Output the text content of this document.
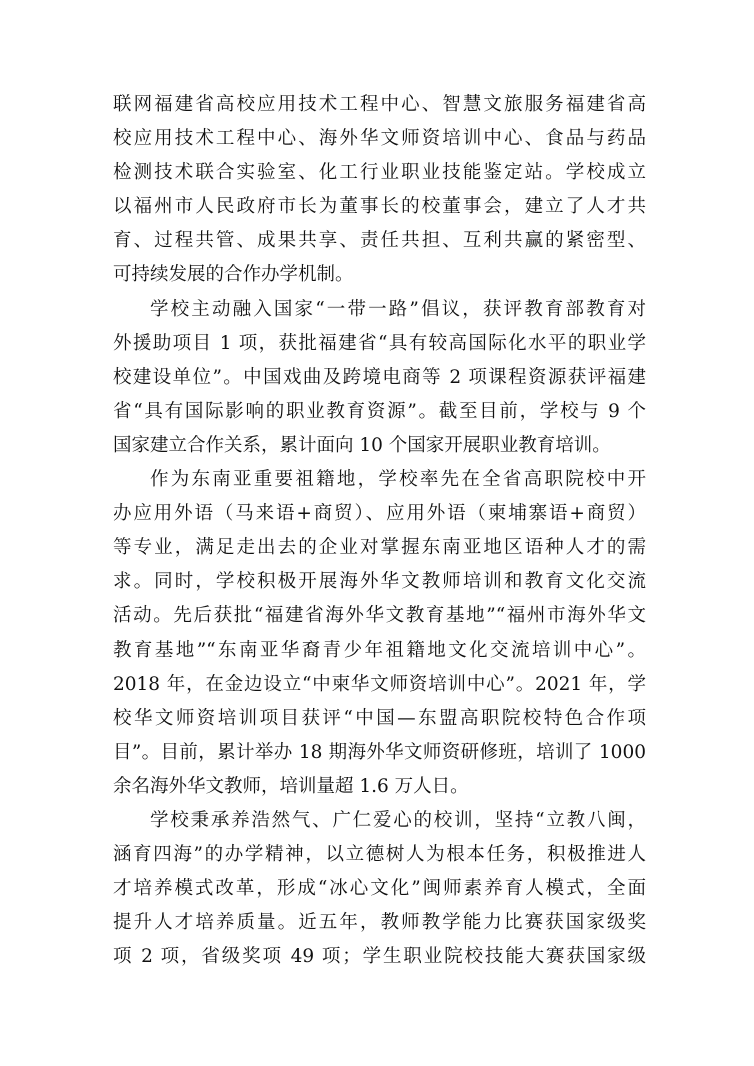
联网福建省高校应用技术工程中心、智慧文旅服务福建省高
校应用技术工程中心、海外华文师资培训中心、食品与药品
检测技术联合实验室、化工行业职业技能鉴定站。学校成立
以福州市人民政府市长为董事长的校董事会，建立了人才共
育、过程共管、成果共享、责任共担、互利共赢的紧密型、
可持续发展的合作办学机制。
学校主动融入国家“一带一路”倡议，获评教育部教育对
外援助项目 1 项，获批福建省“具有较高国际化水平的职业学
校建设单位”。中国戏曲及跨境电商等 2 项课程资源获评福建
省“具有国际影响的职业教育资源”。截至目前，学校与 9 个
国家建立合作关系，累计面向 10 个国家开展职业教育培训。
作为东南亚重要祖籍地，学校率先在全省高职院校中开
办应用外语（马来语+商贸）、应用外语（柬埔寨语+商贸）
等专业，满足走出去的企业对掌握东南亚地区语种人才的需
求。同时，学校积极开展海外华文教师培训和教育文化交流
活动。先后获批“福建省海外华文教育基地”“福州市海外华文
教育基地”“东南亚华裔青少年祖籍地文化交流培训中心”。
2018 年，在金边设立“中柬华文师资培训中心”。2021 年，学
校华文师资培训项目获评“中国—东盟高职院校特色合作项
目”。目前，累计举办 18 期海外华文师资研修班，培训了 1000
余名海外华文教师，培训量超 1.6 万人日。
学校秉承养浩然气、广仁爱心的校训，坚持“立教八闽，
涵育四海”的办学精神，以立德树人为根本任务，积极推进人
才培养模式改革，形成“冰心文化”闽师素养育人模式，全面
提升人才培养质量。近五年，教师教学能力比赛获国家级奖
项 2 项，省级奖项 49 项；学生职业院校技能大赛获国家级
